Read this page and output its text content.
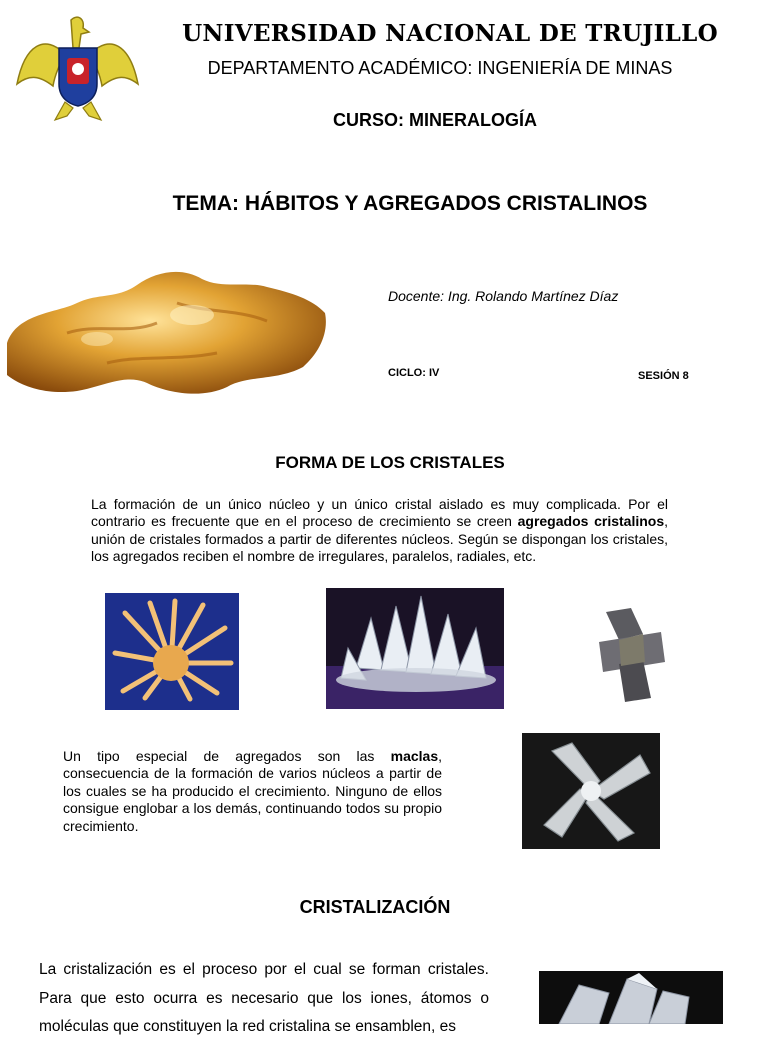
UNIVERSIDAD NACIONAL DE TRUJILLO
DEPARTAMENTO ACADÉMICO: INGENIERÍA DE MINAS
CURSO: MINERALOGÍA
TEMA: HÁBITOS Y AGREGADOS CRISTALINOS
Docente: Ing. Rolando Martínez Díaz
CICLO: IV	SESIÓN 8
FORMA DE LOS CRISTALES
La formación de un único núcleo y un único cristal aislado es muy complicada. Por el contrario es frecuente que en el proceso de crecimiento se creen agregados cristalinos, unión de cristales formados a partir de diferentes núcleos. Según se dispongan los cristales, los agregados reciben el nombre de irregulares, paralelos, radiales, etc.
Un tipo especial de agregados son las maclas, consecuencia de la formación de varios núcleos a partir de los cuales se ha producido el crecimiento. Ninguno de ellos consigue englobar a los demás, continuando todos su propio crecimiento.
CRISTALIZACIÓN
La cristalización es el proceso por el cual se forman cristales. Para que esto ocurra es necesario que los iones, átomos o moléculas que constituyen la red cristalina se ensamblen, es
